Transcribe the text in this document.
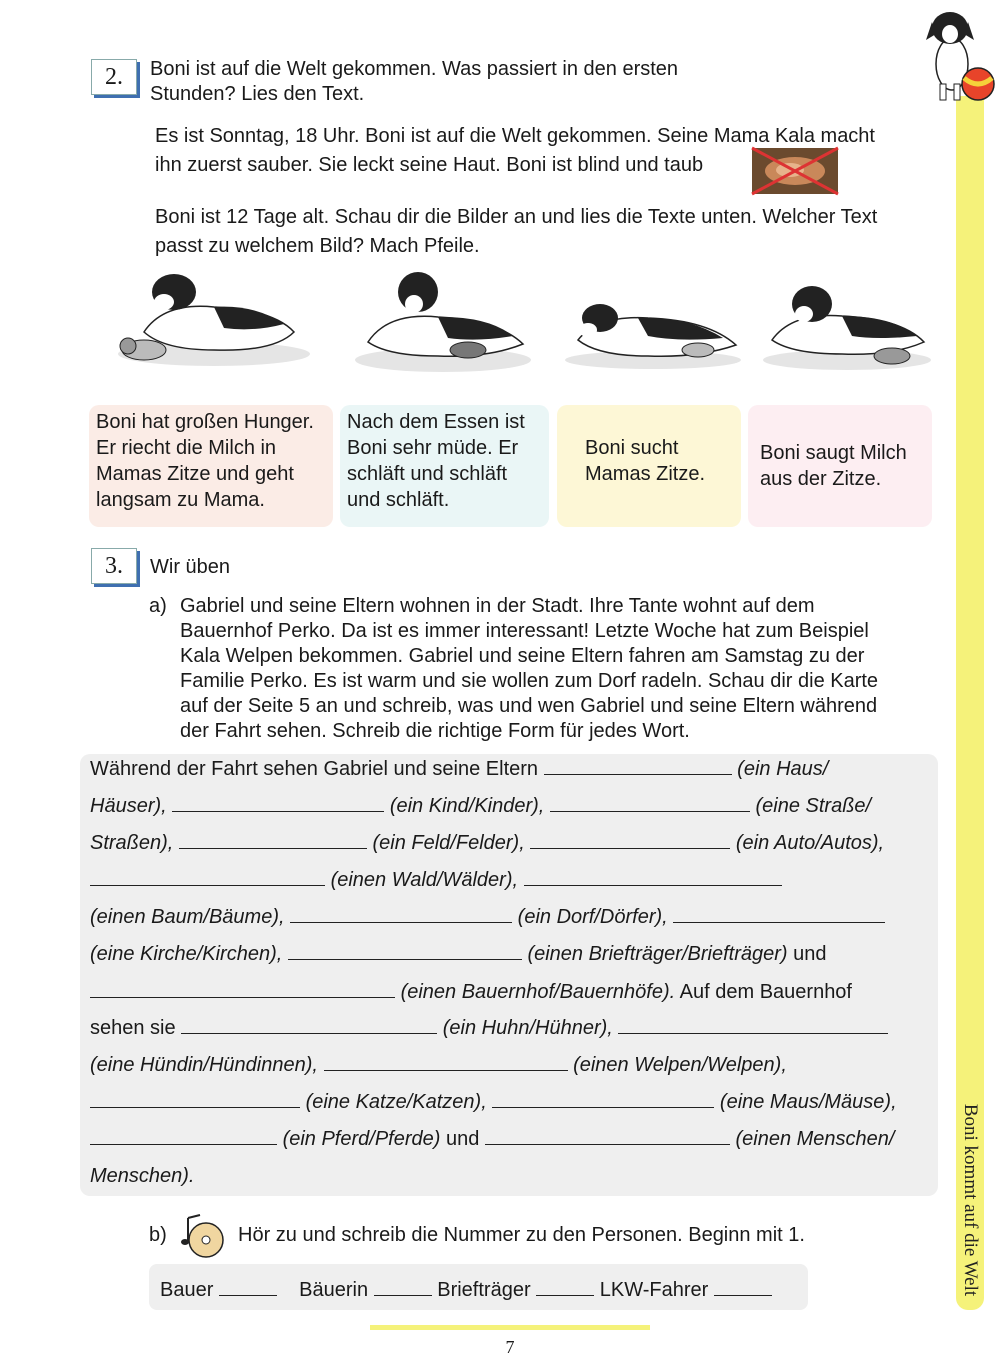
Boni kommt auf die Welt
2.	Boni ist auf die Welt gekommen. Was passiert in den ersten
Stunden? Lies den Text.
Es ist Sonntag, 18 Uhr. Boni ist auf die Welt gekommen. Seine Mama Kala macht
ihn zuerst sauber. Sie leckt seine Haut. Boni ist blind und taub
Boni ist 12 Tage alt. Schau dir die Bilder an und lies die Texte unten. Welcher Text
passt zu welchem Bild? Mach Pfeile.
Boni hat großen Hunger.
Er riecht die Milch in
Mamas Zitze und geht
langsam zu Mama.
Nach dem Essen ist
Boni sehr müde. Er
schläft und schläft
und schläft.
Boni sucht
Mamas Zitze.
Boni saugt Milch
aus der Zitze.
3.	Wir üben
a) Gabriel und seine Eltern wohnen in der Stadt. Ihre Tante wohnt auf dem
Bauernhof Perko. Da ist es immer interessant! Letzte Woche hat zum Beispiel
Kala Welpen bekommen. Gabriel und seine Eltern fahren am Samstag zu der
Familie Perko. Es ist warm und sie wollen zum Dorf radeln. Schau dir die Karte
auf der Seite 5 an und schreib, was und wen Gabriel und seine Eltern während
der Fahrt sehen. Schreib die richtige Form für jedes Wort.
Während der Fahrt sehen Gabriel und seine Eltern	(ein Haus/
Häuser),	(ein Kind/Kinder),	(eine Straße/
Straßen),	(ein Feld/Felder),	(ein Auto/Autos),
(einen Wald/Wälder),
(einen Baum/Bäume),	(ein Dorf/Dörfer),
(eine Kirche/Kirchen),	(einen Briefträger/Briefträger) und
(einen Bauernhof/Bauernhöfe). Auf dem Bauernhof
sehen sie	(ein Huhn/Hühner),
(eine Hündin/Hündinnen),	(einen Welpen/Welpen),
(eine Katze/Katzen),	(eine Maus/Mäuse),
(ein Pferd/Pferde) und	(einen Menschen/
Menschen).
b)	Hör zu und schreib die Nummer zu den Personen. Beginn mit 1.
Bauer	Bäuerin	Briefträger	LKW-Fahrer
7
